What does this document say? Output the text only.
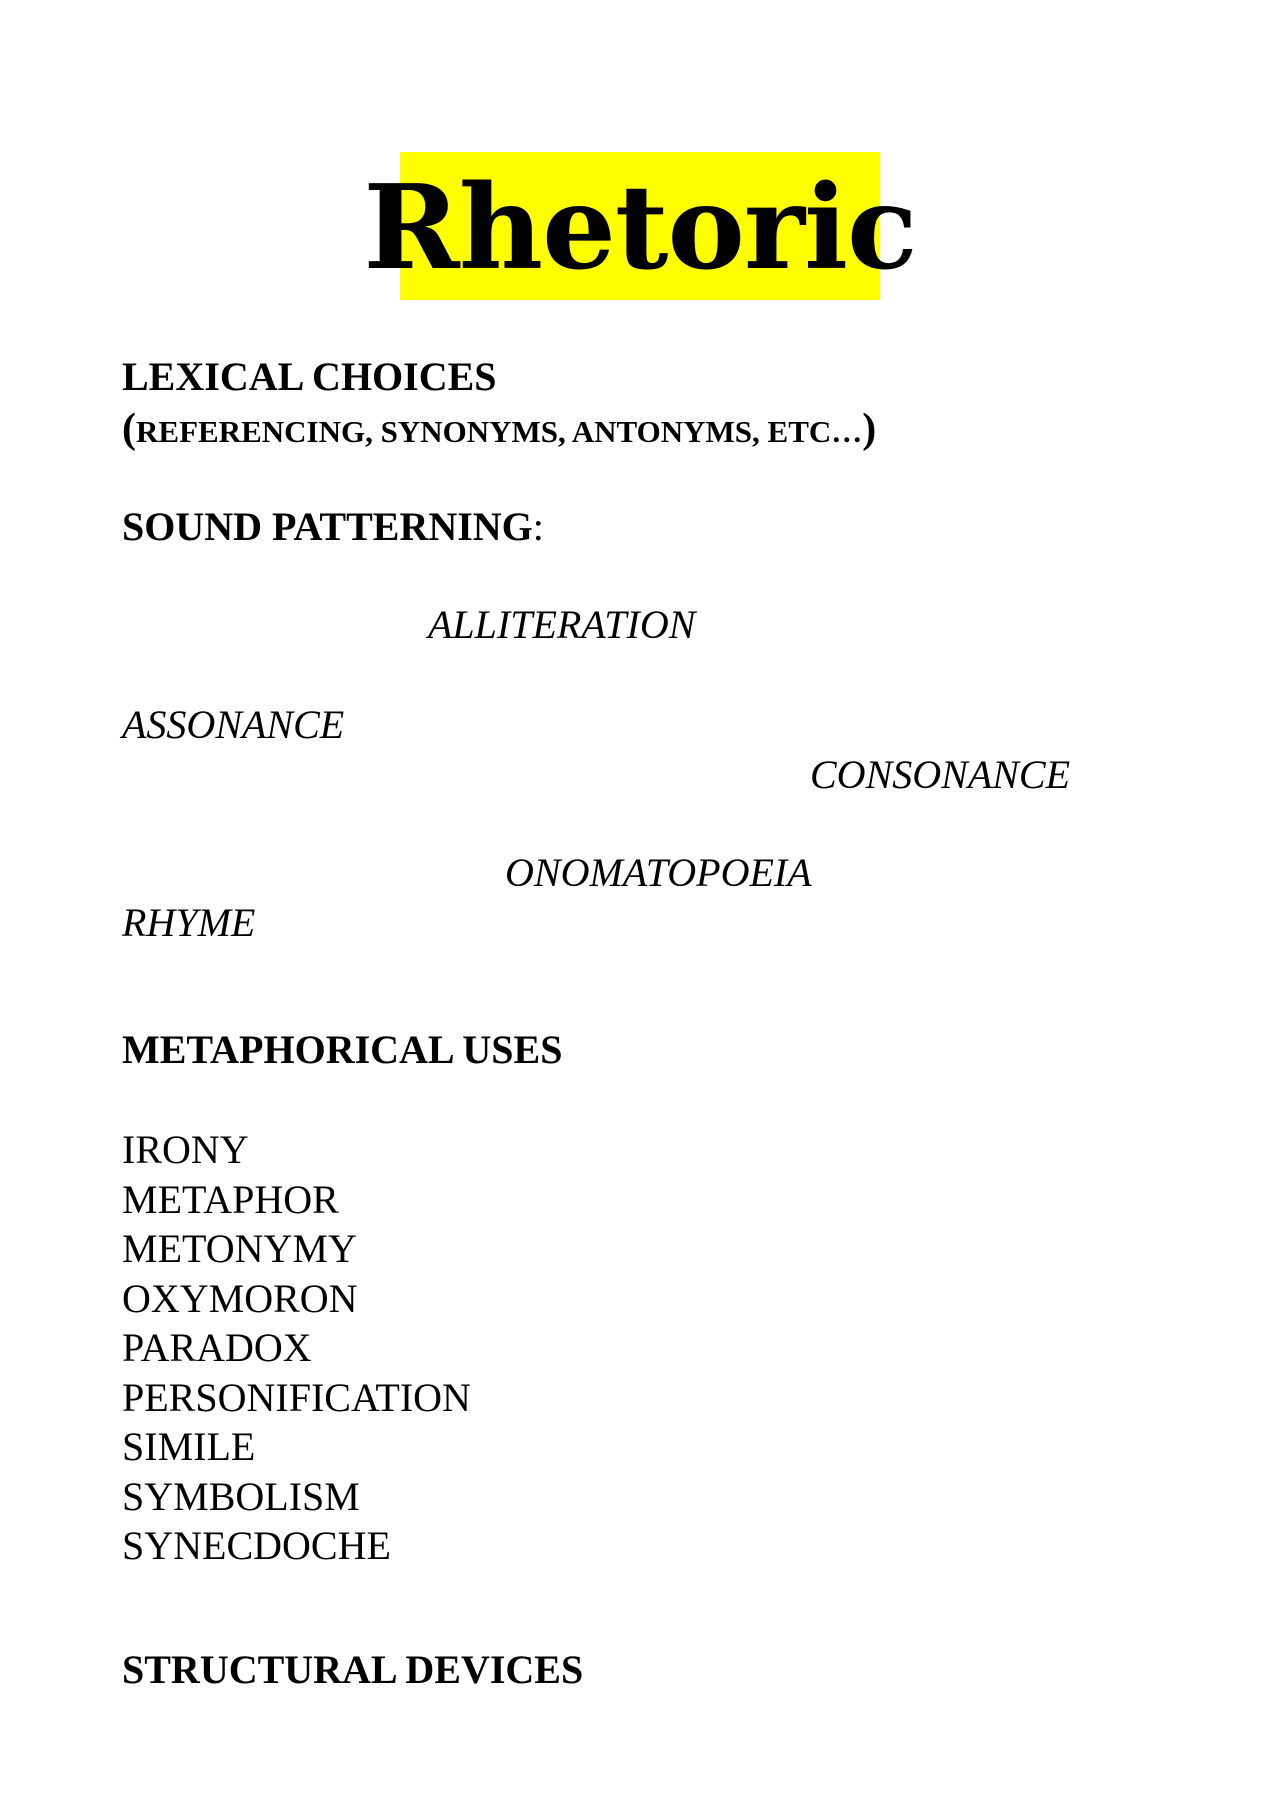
Rhetoric
LEXICAL CHOICES
(REFERENCING, SYNONYMS, ANTONYMS, ETC…)
SOUND PATTERNING:
ALLITERATION
ASSONANCE
CONSONANCE
ONOMATOPOEIA
RHYME
METAPHORICAL USES
IRONY
METAPHOR
METONYMY
OXYMORON
PARADOX
PERSONIFICATION
SIMILE
SYMBOLISM
SYNECDOCHE
STRUCTURAL DEVICES
